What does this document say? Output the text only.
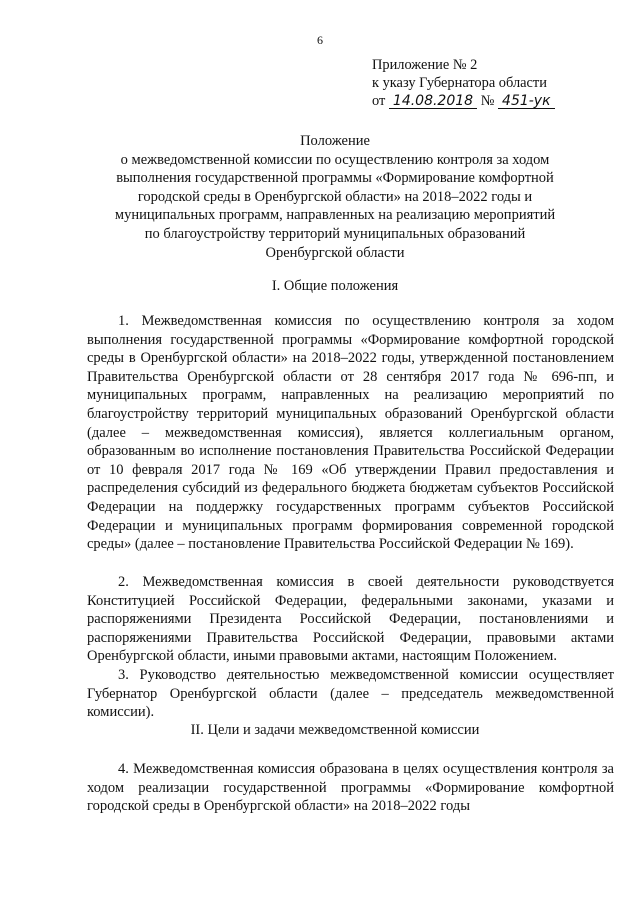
6
Приложение № 2
к указу Губернатора области
от 14.08.2018 № 451-ук
Положение
о межведомственной комиссии по осуществлению контроля за ходом
выполнения государственной программы «Формирование комфортной
городской среды в Оренбургской области» на 2018–2022 годы и
муниципальных программ, направленных на реализацию мероприятий
по благоустройству территорий муниципальных образований
Оренбургской области
I. Общие положения
1. Межведомственная комиссия по осуществлению контроля за ходом выполнения государственной программы «Формирование комфортной городской среды в Оренбургской области» на 2018–2022 годы, утвержденной постановлением Правительства Оренбургской области от 28 сентября 2017 года № 696-пп, и муниципальных программ, направленных на реализацию мероприятий по благоустройству территорий муниципальных образований Оренбургской области (далее – межведомственная комиссия), является коллегиальным органом, образованным во исполнение постановления Правительства Российской Федерации от 10 февраля 2017 года № 169 «Об утверждении Правил предоставления и распределения субсидий из федерального бюджета бюджетам субъектов Российской Федерации на поддержку государственных программ субъектов Российской Федерации и муниципальных программ формирования современной городской среды» (далее – постановление Правительства Российской Федерации № 169).
2. Межведомственная комиссия в своей деятельности руководствуется Конституцией Российской Федерации, федеральными законами, указами и распоряжениями Президента Российской Федерации, постановлениями и распоряжениями Правительства Российской Федерации, правовыми актами Оренбургской области, иными правовыми актами, настоящим Положением.
3. Руководство деятельностью межведомственной комиссии осуществляет Губернатор Оренбургской области (далее – председатель межведомственной комиссии).
II. Цели и задачи межведомственной комиссии
4. Межведомственная комиссия образована в целях осуществления контроля за ходом реализации государственной программы «Формирование комфортной городской среды в Оренбургской области» на 2018–2022 годы
